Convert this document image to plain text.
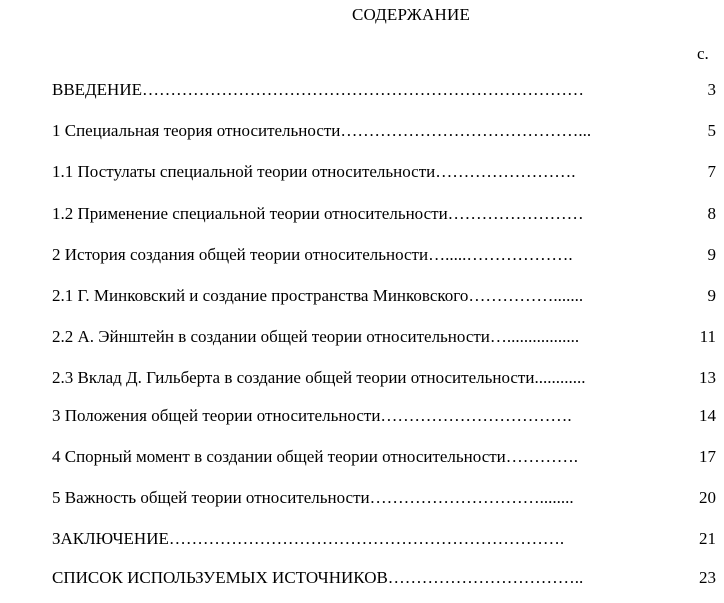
СОДЕРЖАНИЕ
с.
ВВЕДЕНИЕ……………………………………………………………………	3
1 Специальная теория относительности……………………………………...	5
1.1 Постулаты специальной теории относительности…………………….	7
1.2 Применение специальной теории относительности……………………	8
2 История создания общей теории относительности….....……………….	9
2.1 Г. Минковский и создание пространства Минковского…………….......	9
2.2 А. Эйнштейн в создании общей теории относительности….................	11
2.3 Вклад Д. Гильберта в создание общей теории относительности............	13
3 Положения общей теории относительности…………………………….	14
4 Спорный момент в создании общей теории относительности………….	17
5 Важность общей теории относительности…………………………........	20
ЗАКЛЮЧЕНИЕ…………………………………………………………….	21
СПИСОК ИСПОЛЬЗУЕМЫХ ИСТОЧНИКОВ……………………………..	23
